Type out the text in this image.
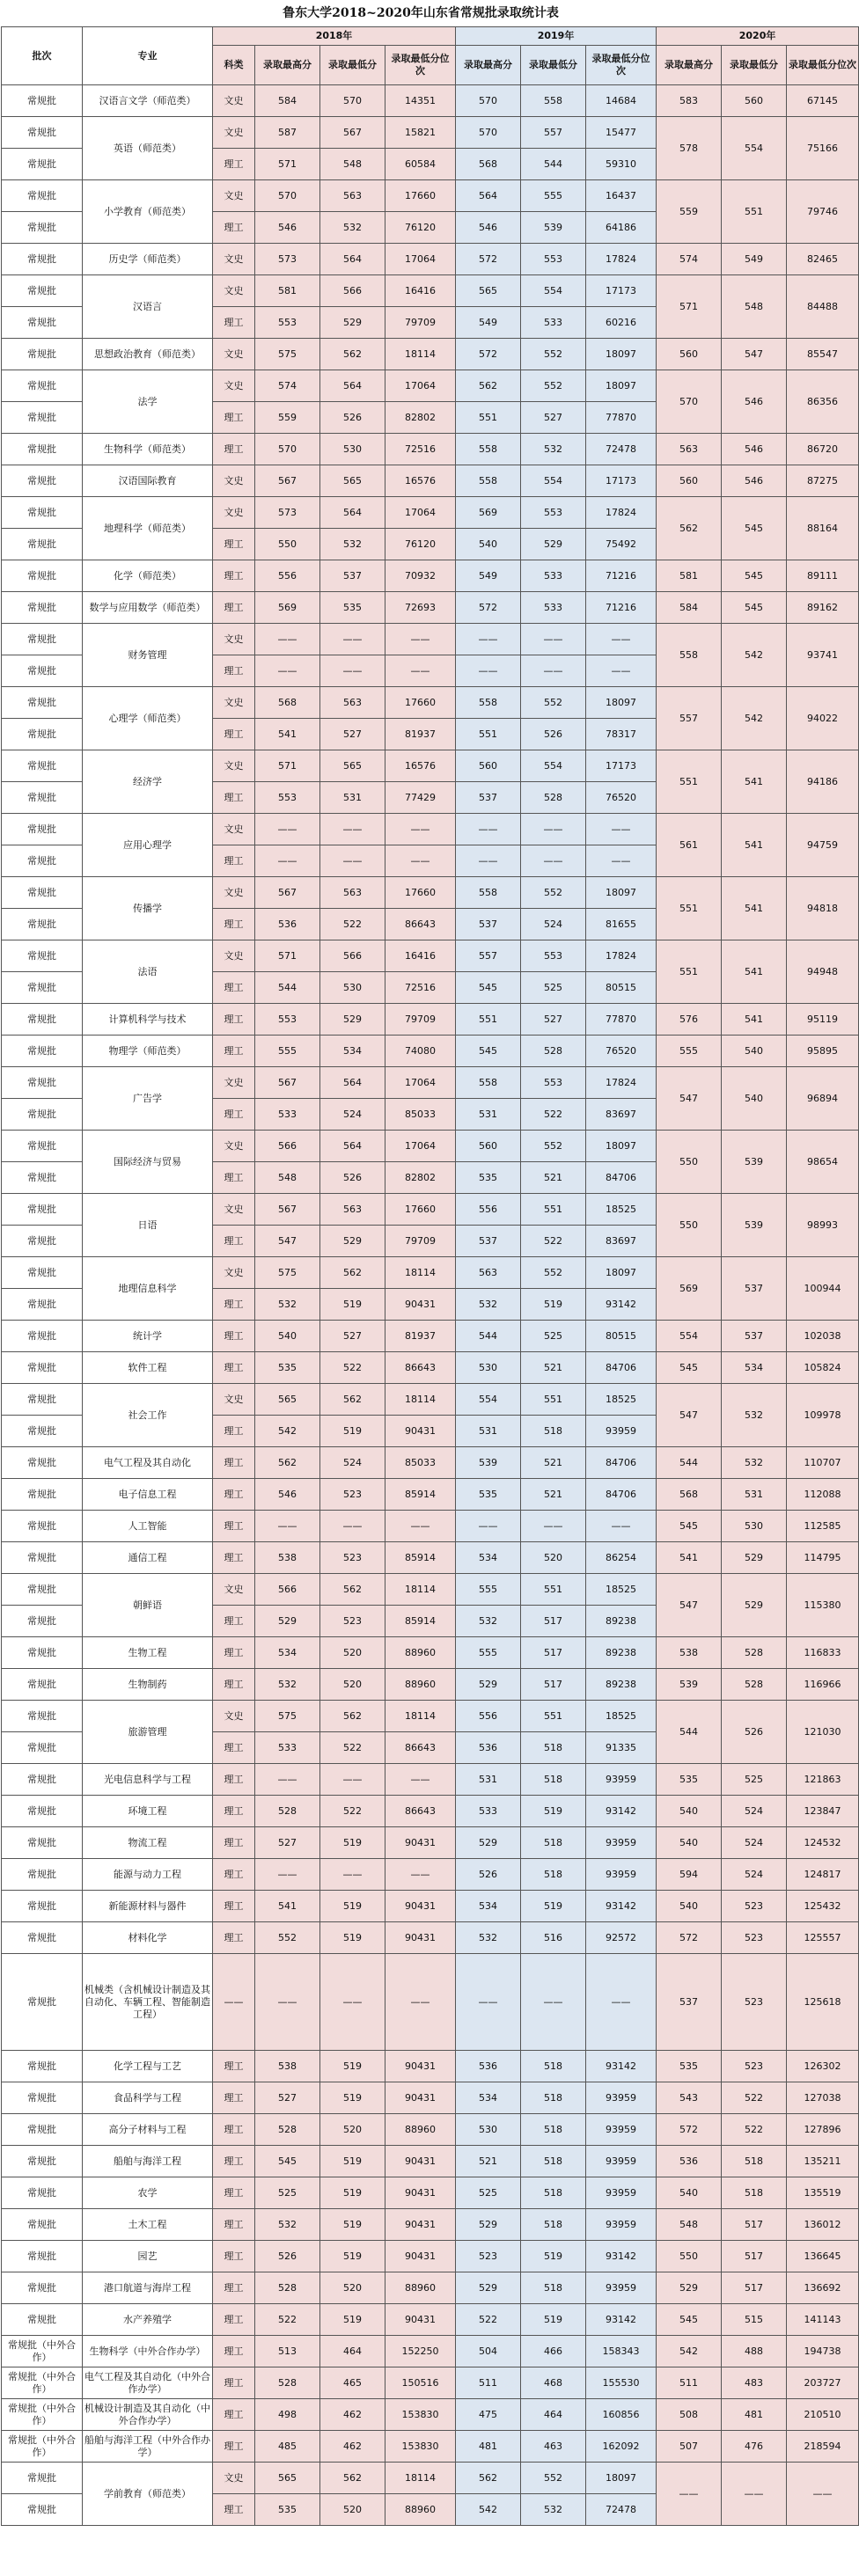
鲁东大学2018~2020年山东省常规批录取统计表
批次	专业	2018年				2019年			2020年		
		科类	录取最高分	录取最低分	录取最低分位次	录取最高分	录取最低分	录取最低分位次	录取最高分	录取最低分	录取最低分位次
常规批	汉语言文学（师范类）	文史	584	570	14351	570	558	14684	583	560	67145
常规批	英语（师范类）	文史	587	567	15821	570	557	15477	578	554	75166
常规批		理工	571	548	60584	568	544	59310			
常规批	小学教育（师范类）	文史	570	563	17660	564	555	16437	559	551	79746
常规批		理工	546	532	76120	546	539	64186			
常规批	历史学（师范类）	文史	573	564	17064	572	553	17824	574	549	82465
常规批	汉语言	文史	581	566	16416	565	554	17173	571	548	84488
常规批		理工	553	529	79709	549	533	60216			
常规批	思想政治教育（师范类）	文史	575	562	18114	572	552	18097	560	547	85547
常规批	法学	文史	574	564	17064	562	552	18097	570	546	86356
常规批		理工	559	526	82802	551	527	77870			
常规批	生物科学（师范类）	理工	570	530	72516	558	532	72478	563	546	86720
常规批	汉语国际教育	文史	567	565	16576	558	554	17173	560	546	87275
常规批	地理科学（师范类）	文史	573	564	17064	569	553	17824	562	545	88164
常规批		理工	550	532	76120	540	529	75492			
常规批	化学（师范类）	理工	556	537	70932	549	533	71216	581	545	89111
常规批	数学与应用数学（师范类）	理工	569	535	72693	572	533	71216	584	545	89162
常规批	财务管理	文史	——	——	——	——	——	——	558	542	93741
常规批		理工	——	——	——	——	——	——			
常规批	心理学（师范类）	文史	568	563	17660	558	552	18097	557	542	94022
常规批		理工	541	527	81937	551	526	78317			
常规批	经济学	文史	571	565	16576	560	554	17173	551	541	94186
常规批		理工	553	531	77429	537	528	76520			
常规批	应用心理学	文史	——	——	——	——	——	——	561	541	94759
常规批		理工	——	——	——	——	——	——			
常规批	传播学	文史	567	563	17660	558	552	18097	551	541	94818
常规批		理工	536	522	86643	537	524	81655			
常规批	法语	文史	571	566	16416	557	553	17824	551	541	94948
常规批		理工	544	530	72516	545	525	80515			
常规批	计算机科学与技术	理工	553	529	79709	551	527	77870	576	541	95119
常规批	物理学（师范类）	理工	555	534	74080	545	528	76520	555	540	95895
常规批	广告学	文史	567	564	17064	558	553	17824	547	540	96894
常规批		理工	533	524	85033	531	522	83697			
常规批	国际经济与贸易	文史	566	564	17064	560	552	18097	550	539	98654
常规批		理工	548	526	82802	535	521	84706			
常规批	日语	文史	567	563	17660	556	551	18525	550	539	98993
常规批		理工	547	529	79709	537	522	83697			
常规批	地理信息科学	文史	575	562	18114	563	552	18097	569	537	100944
常规批		理工	532	519	90431	532	519	93142			
常规批	统计学	理工	540	527	81937	544	525	80515	554	537	102038
常规批	软件工程	理工	535	522	86643	530	521	84706	545	534	105824
常规批	社会工作	文史	565	562	18114	554	551	18525	547	532	109978
常规批		理工	542	519	90431	531	518	93959			
常规批	电气工程及其自动化	理工	562	524	85033	539	521	84706	544	532	110707
常规批	电子信息工程	理工	546	523	85914	535	521	84706	568	531	112088
常规批	人工智能	理工	——	——	——	——	——	——	545	530	112585
常规批	通信工程	理工	538	523	85914	534	520	86254	541	529	114795
常规批	朝鲜语	文史	566	562	18114	555	551	18525	547	529	115380
常规批		理工	529	523	85914	532	517	89238			
常规批	生物工程	理工	534	520	88960	555	517	89238	538	528	116833
常规批	生物制药	理工	532	520	88960	529	517	89238	539	528	116966
常规批	旅游管理	文史	575	562	18114	556	551	18525	544	526	121030
常规批		理工	533	522	86643	536	518	91335			
常规批	光电信息科学与工程	理工	——	——	——	531	518	93959	535	525	121863
常规批	环境工程	理工	528	522	86643	533	519	93142	540	524	123847
常规批	物流工程	理工	527	519	90431	529	518	93959	540	524	124532
常规批	能源与动力工程	理工	——	——	——	526	518	93959	594	524	124817
常规批	新能源材料与器件	理工	541	519	90431	534	519	93142	540	523	125432
常规批	材料化学	理工	552	519	90431	532	516	92572	572	523	125557
常规批	机械类（含机械设计制造及其自动化、车辆工程、智能制造工程）	——	——	——	——	——	——	——	537	523	125618
常规批	化学工程与工艺	理工	538	519	90431	536	518	93142	535	523	126302
常规批	食品科学与工程	理工	527	519	90431	534	518	93959	543	522	127038
常规批	高分子材料与工程	理工	528	520	88960	530	518	93959	572	522	127896
常规批	船舶与海洋工程	理工	545	519	90431	521	518	93959	536	518	135211
常规批	农学	理工	525	519	90431	525	518	93959	540	518	135519
常规批	土木工程	理工	532	519	90431	529	518	93959	548	517	136012
常规批	园艺	理工	526	519	90431	523	519	93142	550	517	136645
常规批	港口航道与海岸工程	理工	528	520	88960	529	518	93959	529	517	136692
常规批	水产养殖学	理工	522	519	90431	522	519	93142	545	515	141143
常规批（中外合作）	生物科学（中外合作办学）	理工	513	464	152250	504	466	158343	542	488	194738
常规批（中外合作）	电气工程及其自动化（中外合作办学）	理工	528	465	150516	511	468	155530	511	483	203727
常规批（中外合作）	机械设计制造及其自动化（中外合作办学）	理工	498	462	153830	475	464	160856	508	481	210510
常规批（中外合作）	船舶与海洋工程（中外合作办学）	理工	485	462	153830	481	463	162092	507	476	218594
常规批	学前教育（师范类）	文史	565	562	18114	562	552	18097	——	——	——
常规批		理工	535	520	88960	542	532	72478			
